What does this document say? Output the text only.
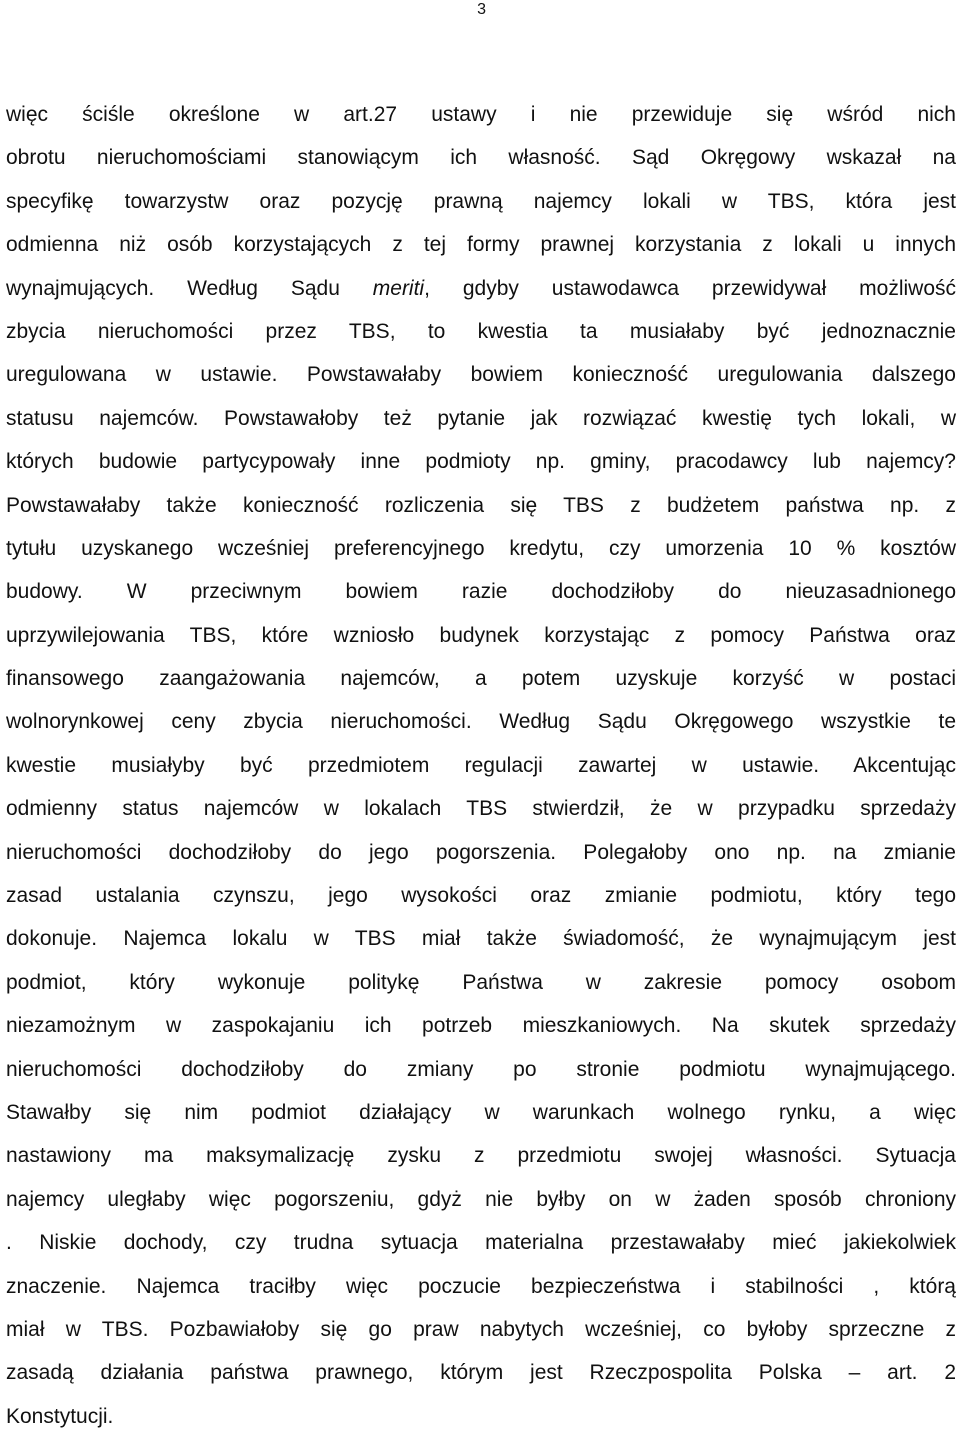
3
więc ściśle określone w art.27 ustawy i nie przewiduje się wśród nich
obrotu nieruchomościami stanowiącym ich własność. Sąd Okręgowy wskazał na
specyfikę towarzystw oraz pozycję prawną najemcy lokali w TBS, która jest
odmienna niż osób korzystających z tej formy prawnej korzystania z lokali u innych
wynajmujących. Według Sądu meriti, gdyby ustawodawca przewidywał możliwość
zbycia nieruchomości przez TBS, to kwestia ta musiałaby być jednoznacznie
uregulowana w ustawie. Powstawałaby bowiem konieczność uregulowania dalszego
statusu najemców. Powstawałoby też pytanie jak rozwiązać kwestię tych lokali, w
których budowie partycypowały inne podmioty np. gminy, pracodawcy lub najemcy?
Powstawałaby także konieczność rozliczenia się TBS z budżetem państwa np. z
tytułu uzyskanego wcześniej preferencyjnego kredytu, czy umorzenia 10 % kosztów
budowy. W przeciwnym bowiem razie dochodziłoby do nieuzasadnionego
uprzywilejowania TBS, które wzniosło budynek korzystając z pomocy Państwa oraz
finansowego zaangażowania najemców, a potem uzyskuje korzyść w postaci
wolnorynkowej ceny zbycia nieruchomości. Według Sądu Okręgowego wszystkie te
kwestie musiałyby być przedmiotem regulacji zawartej w ustawie. Akcentując
odmienny status najemców w lokalach TBS stwierdził, że w przypadku sprzedaży
nieruchomości dochodziłoby do jego pogorszenia. Polegałoby ono np. na zmianie
zasad ustalania czynszu, jego wysokości oraz zmianie podmiotu, który tego
dokonuje. Najemca lokalu w TBS miał także świadomość, że wynajmującym jest
podmiot, który wykonuje politykę Państwa w zakresie pomocy osobom
niezamożnym w zaspokajaniu ich potrzeb mieszkaniowych. Na skutek sprzedaży
nieruchomości dochodziłoby do zmiany po stronie podmiotu wynajmującego.
Stawałby się nim podmiot działający w warunkach wolnego rynku, a więc
nastawiony ma maksymalizację zysku z przedmiotu swojej własności. Sytuacja
najemcy uległaby więc pogorszeniu, gdyż nie byłby on w żaden sposób chroniony
. Niskie dochody, czy trudna sytuacja materialna przestawałaby mieć jakiekolwiek
znaczenie. Najemca traciłby więc poczucie bezpieczeństwa i stabilności , którą
miał w TBS. Pozbawiałoby się go praw nabytych wcześniej, co byłoby sprzeczne z
zasadą działania państwa prawnego, którym jest Rzeczpospolita Polska – art. 2
Konstytucji.
